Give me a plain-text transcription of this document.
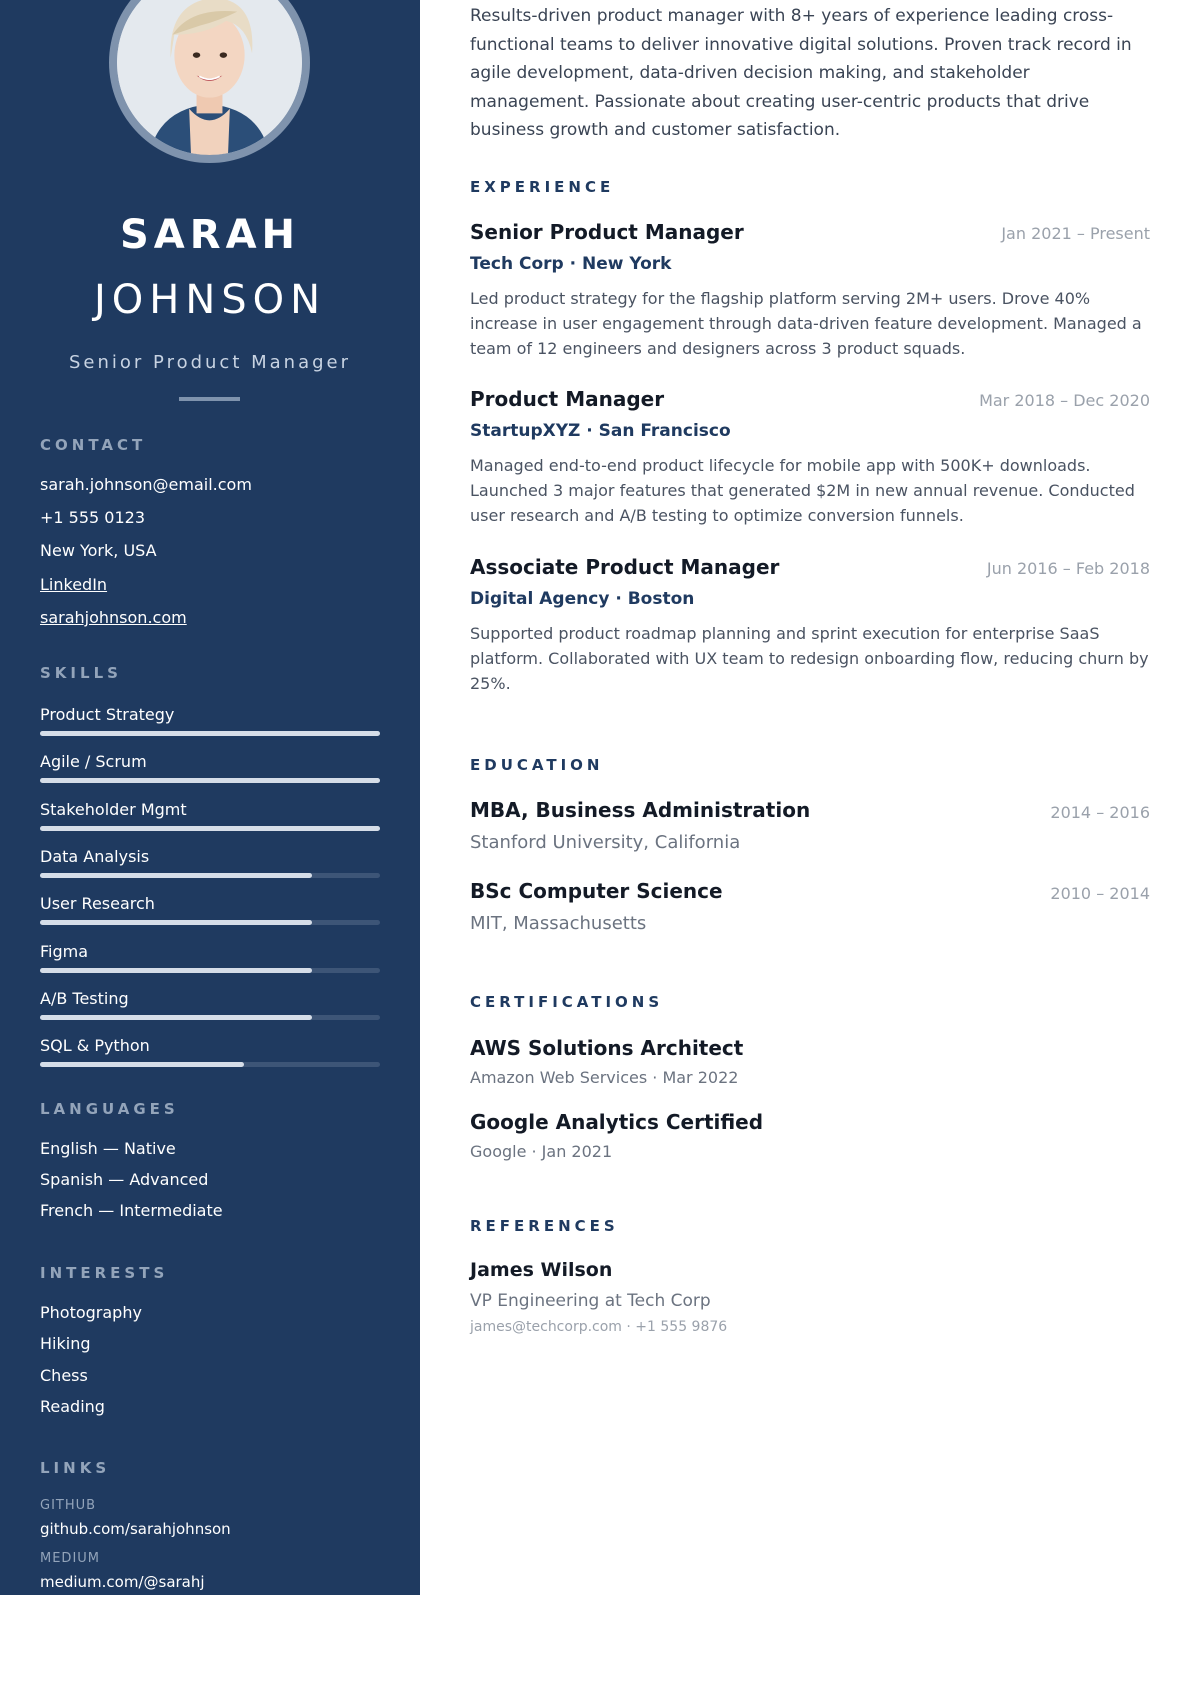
SARAH
JOHNSON
Senior Product Manager
CONTACT
sarah.johnson@email.com
+1 555 0123
New York, USA
LinkedIn
sarahjohnson.com
SKILLS
Product Strategy
Agile / Scrum
Stakeholder Mgmt
Data Analysis
User Research
Figma
A/B Testing
SQL & Python
LANGUAGES
English — Native
Spanish — Advanced
French — Intermediate
INTERESTS
Photography
Hiking
Chess
Reading
LINKS
GITHUB
github.com/sarahjohnson
MEDIUM
medium.com/@sarahj

Results-driven product manager with 8+ years of experience leading cross-functional teams to deliver innovative digital solutions. Proven track record in agile development, data-driven decision making, and stakeholder management. Passionate about creating user-centric products that drive business growth and customer satisfaction.

EXPERIENCE
Senior Product Manager	Jan 2021 – Present
Tech Corp · New York
Led product strategy for the flagship platform serving 2M+ users. Drove 40% increase in user engagement through data-driven feature development. Managed a team of 12 engineers and designers across 3 product squads.
Product Manager	Mar 2018 – Dec 2020
StartupXYZ · San Francisco
Managed end-to-end product lifecycle for mobile app with 500K+ downloads. Launched 3 major features that generated $2M in new annual revenue. Conducted user research and A/B testing to optimize conversion funnels.
Associate Product Manager	Jun 2016 – Feb 2018
Digital Agency · Boston
Supported product roadmap planning and sprint execution for enterprise SaaS platform. Collaborated with UX team to redesign onboarding flow, reducing churn by 25%.
EDUCATION
MBA, Business Administration	2014 – 2016
Stanford University, California
BSc Computer Science	2010 – 2014
MIT, Massachusetts
CERTIFICATIONS
AWS Solutions Architect
Amazon Web Services · Mar 2022
Google Analytics Certified
Google · Jan 2021
REFERENCES
James Wilson
VP Engineering at Tech Corp
james@techcorp.com · +1 555 9876
